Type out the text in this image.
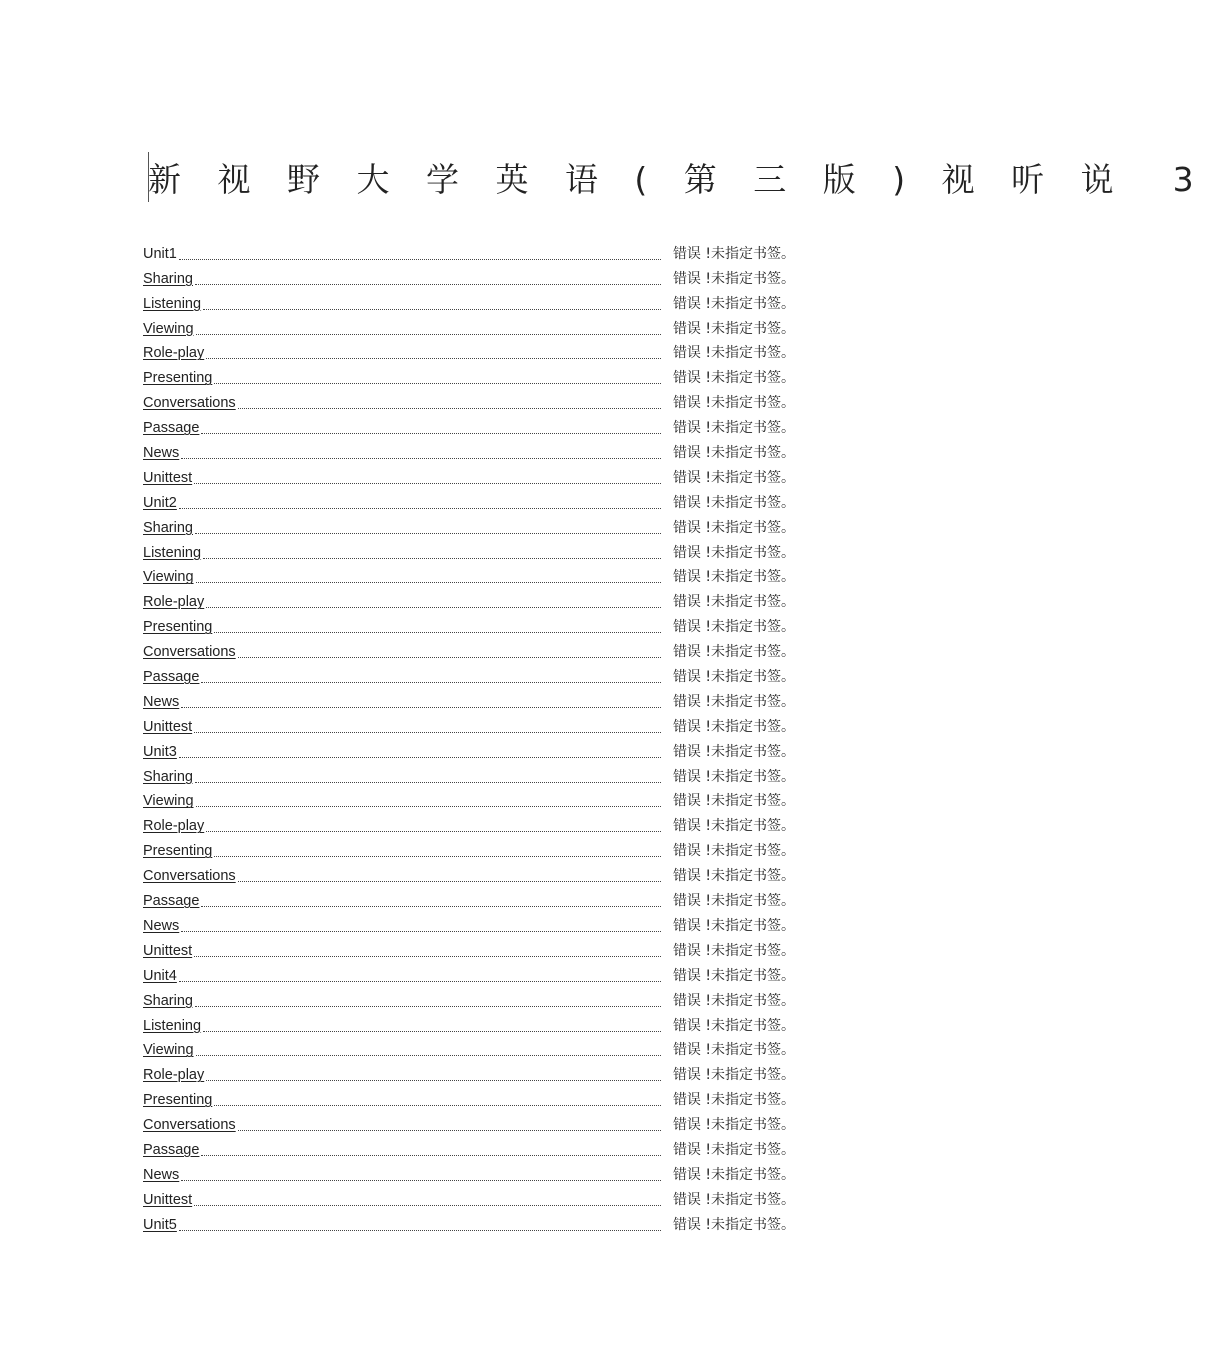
新 视 野 大 学 英 语 ( 第 三 版 ) 视 听 说　3
Unit1	错误 !未指定书签。
Sharing	错误 !未指定书签。
Listening	错误 !未指定书签。
Viewing	错误 !未指定书签。
Role-play	错误 !未指定书签。
Presenting	错误 !未指定书签。
Conversations	错误 !未指定书签。
Passage	错误 !未指定书签。
News	错误 !未指定书签。
Unittest	错误 !未指定书签。
Unit2	错误 !未指定书签。
Sharing	错误 !未指定书签。
Listening	错误 !未指定书签。
Viewing	错误 !未指定书签。
Role-play	错误 !未指定书签。
Presenting	错误 !未指定书签。
Conversations	错误 !未指定书签。
Passage	错误 !未指定书签。
News	错误 !未指定书签。
Unittest	错误 !未指定书签。
Unit3	错误 !未指定书签。
Sharing	错误 !未指定书签。
Viewing	错误 !未指定书签。
Role-play	错误 !未指定书签。
Presenting	错误 !未指定书签。
Conversations	错误 !未指定书签。
Passage	错误 !未指定书签。
News	错误 !未指定书签。
Unittest	错误 !未指定书签。
Unit4	错误 !未指定书签。
Sharing	错误 !未指定书签。
Listening	错误 !未指定书签。
Viewing	错误 !未指定书签。
Role-play	错误 !未指定书签。
Presenting	错误 !未指定书签。
Conversations	错误 !未指定书签。
Passage	错误 !未指定书签。
News	错误 !未指定书签。
Unittest	错误 !未指定书签。
Unit5	错误 !未指定书签。
